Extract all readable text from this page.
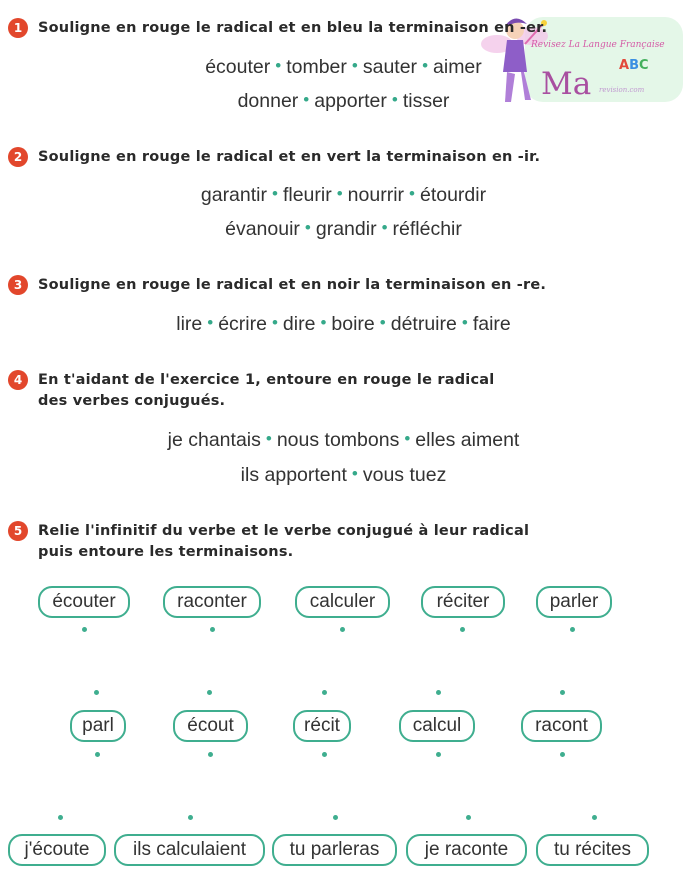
Revisez La Langue Française
Ma
ABC
revision.com
1	Souligne en rouge le radical et en bleu la terminaison en -er.
écouter • tomber • sauter • aimer
donner • apporter • tisser
2	Souligne en rouge le radical et en vert la terminaison en -ir.
garantir • fleurir • nourrir • étourdir
évanouir • grandir • réfléchir
3	Souligne en rouge le radical et en noir la terminaison en -re.
lire • écrire • dire • boire • détruire • faire
4	En t'aidant de l'exercice 1, entoure en rouge le radical
des verbes conjugués.
je chantais • nous tombons • elles aiment
ils apportent • vous tuez
5	Relie l'infinitif du verbe et le verbe conjugué à leur radical
puis entoure les terminaisons.
écouter	raconter	calculer	réciter	parler
parl	écout	récit	calcul	racont
j'écoute	ils calculaient	tu parleras	je raconte	tu récites
